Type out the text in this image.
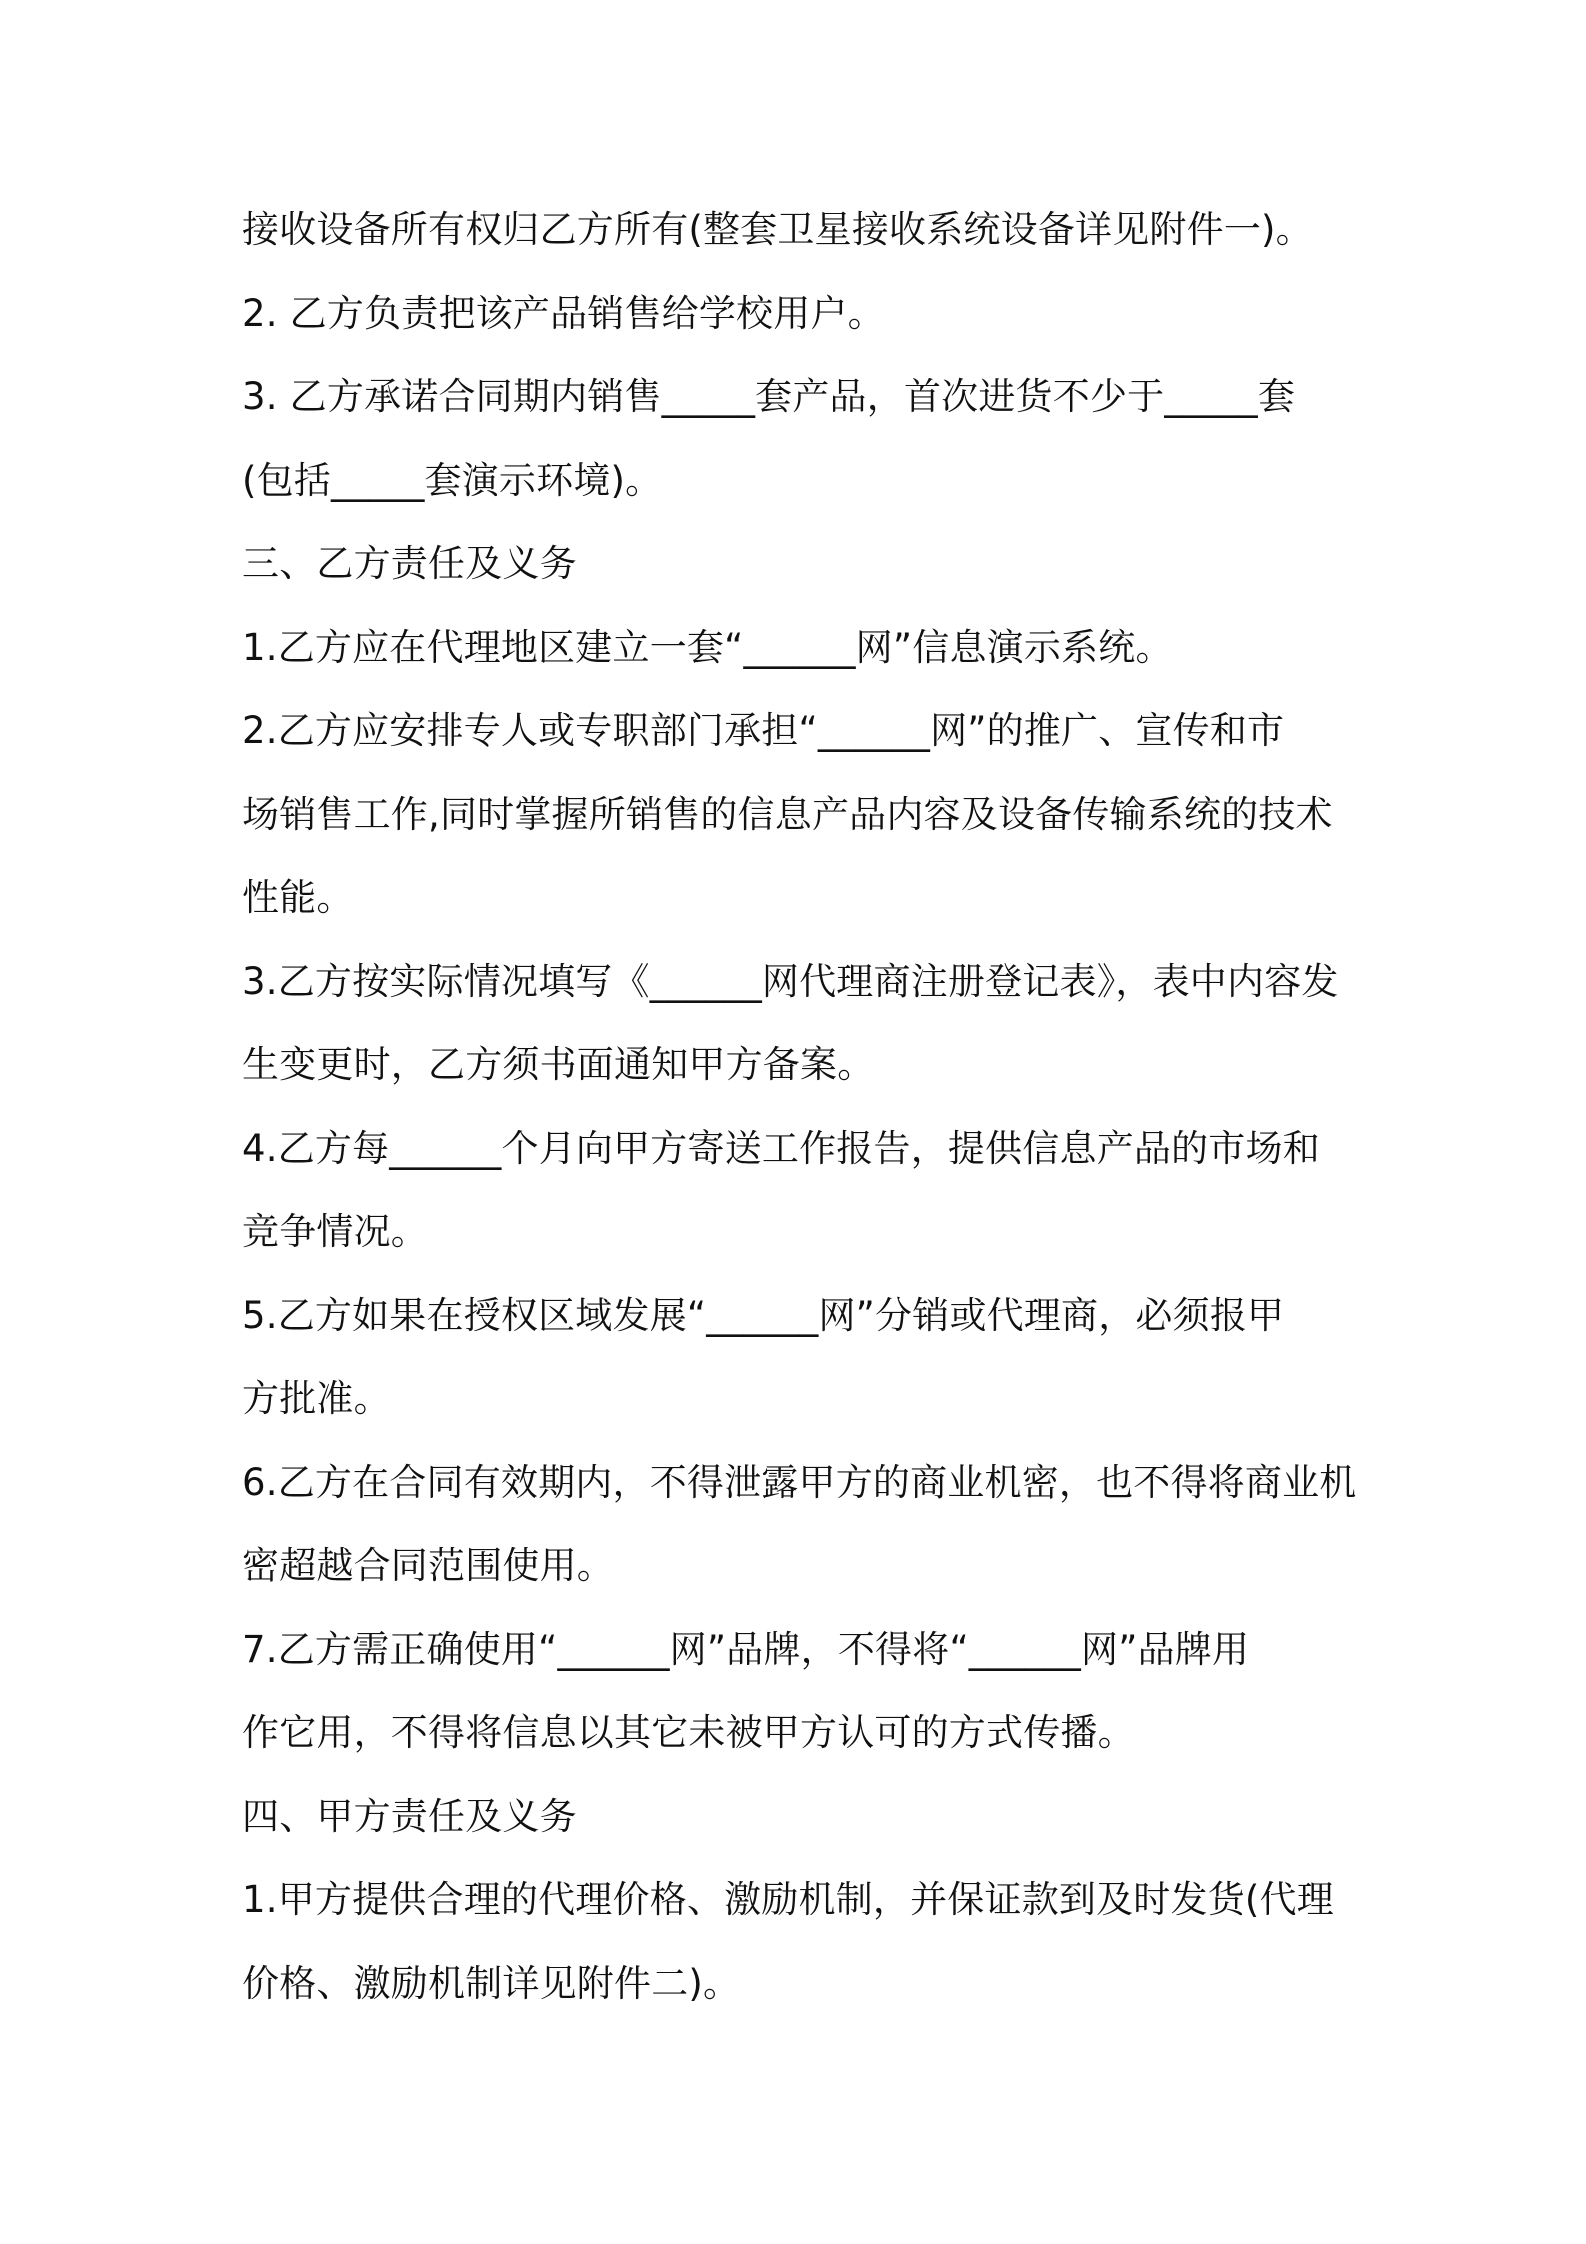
接收设备所有权归乙方所有(整套卫星接收系统设备详见附件一)。
2. 乙方负责把该产品销售给学校用户。
3. 乙方承诺合同期内销售_____套产品，首次进货不少于_____套
(包括_____套演示环境)。
三、乙方责任及义务
1.乙方应在代理地区建立一套“______网”信息演示系统。
2.乙方应安排专人或专职部门承担“______网”的推广、宣传和市
场销售工作,同时掌握所销售的信息产品内容及设备传输系统的技术
性能。
3.乙方按实际情况填写《______网代理商注册登记表》，表中内容发
生变更时，乙方须书面通知甲方备案。
4.乙方每______个月向甲方寄送工作报告，提供信息产品的市场和
竞争情况。
5.乙方如果在授权区域发展“______网”分销或代理商，必须报甲
方批准。
6.乙方在合同有效期内，不得泄露甲方的商业机密，也不得将商业机
密超越合同范围使用。
7.乙方需正确使用“______网”品牌，不得将“______网”品牌用
作它用，不得将信息以其它未被甲方认可的方式传播。
四、甲方责任及义务
1.甲方提供合理的代理价格、激励机制，并保证款到及时发货(代理
价格、激励机制详见附件二)。
